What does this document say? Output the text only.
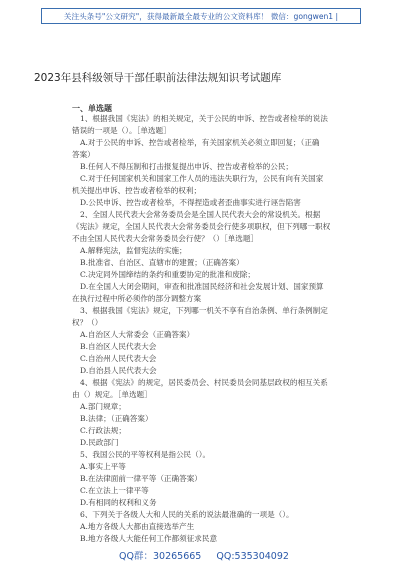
关注头条号"公文研究"，获得最新最全最专业的公文资料库！ 微信：gongwen1 |
2023年县科级领导干部任职前法律法规知识考试题库
一、单选题
1、根据我国《宪法》的相关规定，关于公民的申诉、控告或者检举的说法
错误的一项是（）。［单选题］
A.对于公民的申诉、控告或者检举，有关国家机关必须立即回复；（正确
答案）
B.任何人不得压制和打击报复提出申诉、控告或者检举的公民；
C.对于任何国家机关和国家工作人员的违法失职行为，公民有向有关国家
机关提出申诉、控告或者检举的权利；
D.公民申诉、控告或者检举，不得捏造或者歪曲事实进行诬告陷害
2、全国人民代表大会常务委员会是全国人民代表大会的常设机关。根据
《宪法》规定，全国人民代表大会常务委员会行使多项职权，但下列哪一职权
不由全国人民代表大会常务委员会行使？（）［单选题］
A.解释宪法，监督宪法的实施；
B.批准省、自治区、直辖市的建置；（正确答案）
C.决定同外国缔结的条约和重要协定的批准和废除；
D.在全国人大闭会期间，审查和批准国民经济和社会发展计划、国家预算
在执行过程中所必须作的部分调整方案
3、根据我国《宪法》规定，下列哪一机关不享有自治条例、单行条例制定
权？（）
A.自治区人大常委会（正确答案）
B.自治区人民代表大会
C.自治州人民代表大会
D.自治县人民代表大会
4、根据《宪法》的规定，居民委员会、村民委员会同基层政权的相互关系
由（）规定。［单选题］
A.部门规章；
B.法律；（正确答案）
C.行政法规；
D.民政部门
5、我国公民的平等权利是指公民（）。
A.事实上平等
B.在法律面前一律平等（正确答案）
C.在立法上一律平等
D.有相同的权利和义务
6、下列关于各级人大和人民的关系的说法最准确的一项是（）。
A.地方各级人大都由直接选举产生
B.地方各级人大能任何工作都须征求民意
QQ群：30265665 QQ:535304092
